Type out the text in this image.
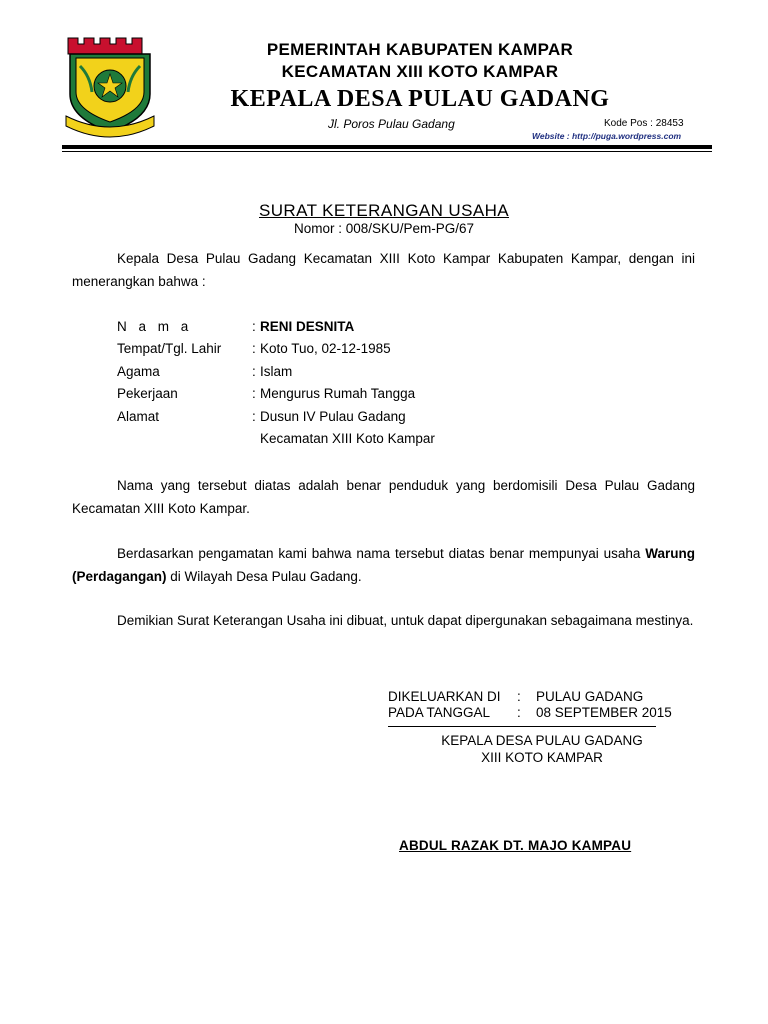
PEMERINTAH KABUPATEN KAMPAR
KECAMATAN XIII KOTO KAMPAR
KEPALA DESA PULAU GADANG
Jl. Poros Pulau Gadang	Kode Pos : 28453
Website : http://puga.wordpress.com
SURAT KETERANGAN USAHA
Nomor : 008/SKU/Pem-PG/67
Kepala Desa Pulau Gadang Kecamatan XIII Koto Kampar Kabupaten Kampar, dengan ini menerangkan bahwa :
N a m a	: RENI DESNITA
Tempat/Tgl. Lahir	: Koto Tuo, 02-12-1985
Agama	: Islam
Pekerjaan	: Mengurus Rumah Tangga
Alamat	: Dusun IV Pulau Gadang
Kecamatan XIII Koto Kampar
Nama yang tersebut diatas adalah benar penduduk yang berdomisili Desa Pulau Gadang Kecamatan XIII Koto Kampar.
Berdasarkan pengamatan kami bahwa nama tersebut diatas benar mempunyai usaha Warung (Perdagangan) di Wilayah Desa Pulau Gadang.
Demikian Surat Keterangan Usaha ini dibuat, untuk dapat dipergunakan sebagaimana mestinya.
DIKELUARKAN DI	:	PULAU GADANG
PADA TANGGAL	:	08 SEPTEMBER 2015
KEPALA DESA PULAU GADANG
XIII KOTO KAMPAR
ABDUL RAZAK DT. MAJO KAMPAU
